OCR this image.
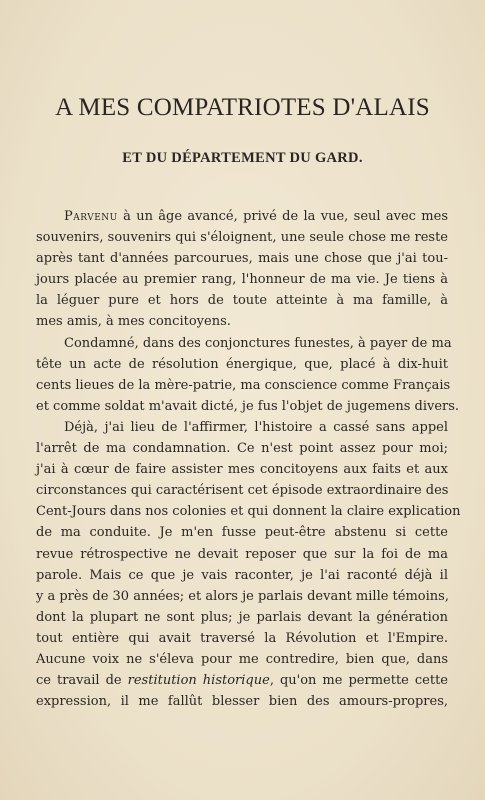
A MES COMPATRIOTES D'ALAIS
ET DU DÉPARTEMENT DU GARD.
Parvenu à un âge avancé, privé de la vue, seul avec mes
souvenirs, souvenirs qui s'éloignent, une seule chose me reste
après tant d'années parcourues, mais une chose que j'ai tou-
jours placée au premier rang, l'honneur de ma vie. Je tiens à
la léguer pure et hors de toute atteinte à ma famille, à
mes amis, à mes concitoyens.
Condamné, dans des conjonctures funestes, à payer de ma
tête un acte de résolution énergique, que, placé à dix-huit
cents lieues de la mère-patrie, ma conscience comme Français
et comme soldat m'avait dicté, je fus l'objet de jugemens divers.
Déjà, j'ai lieu de l'affirmer, l'histoire a cassé sans appel
l'arrêt de ma condamnation. Ce n'est point assez pour moi;
j'ai à cœur de faire assister mes concitoyens aux faits et aux
circonstances qui caractérisent cet épisode extraordinaire des
Cent-Jours dans nos colonies et qui donnent la claire explication
de ma conduite. Je m'en fusse peut-être abstenu si cette
revue rétrospective ne devait reposer que sur la foi de ma
parole. Mais ce que je vais raconter, je l'ai raconté déjà il
y a près de 30 années; et alors je parlais devant mille témoins,
dont la plupart ne sont plus; je parlais devant la génération
tout entière qui avait traversé la Révolution et l'Empire.
Aucune voix ne s'éleva pour me contredire, bien que, dans
ce travail de restitution historique, qu'on me permette cette
expression, il me fallût blesser bien des amours-propres,
